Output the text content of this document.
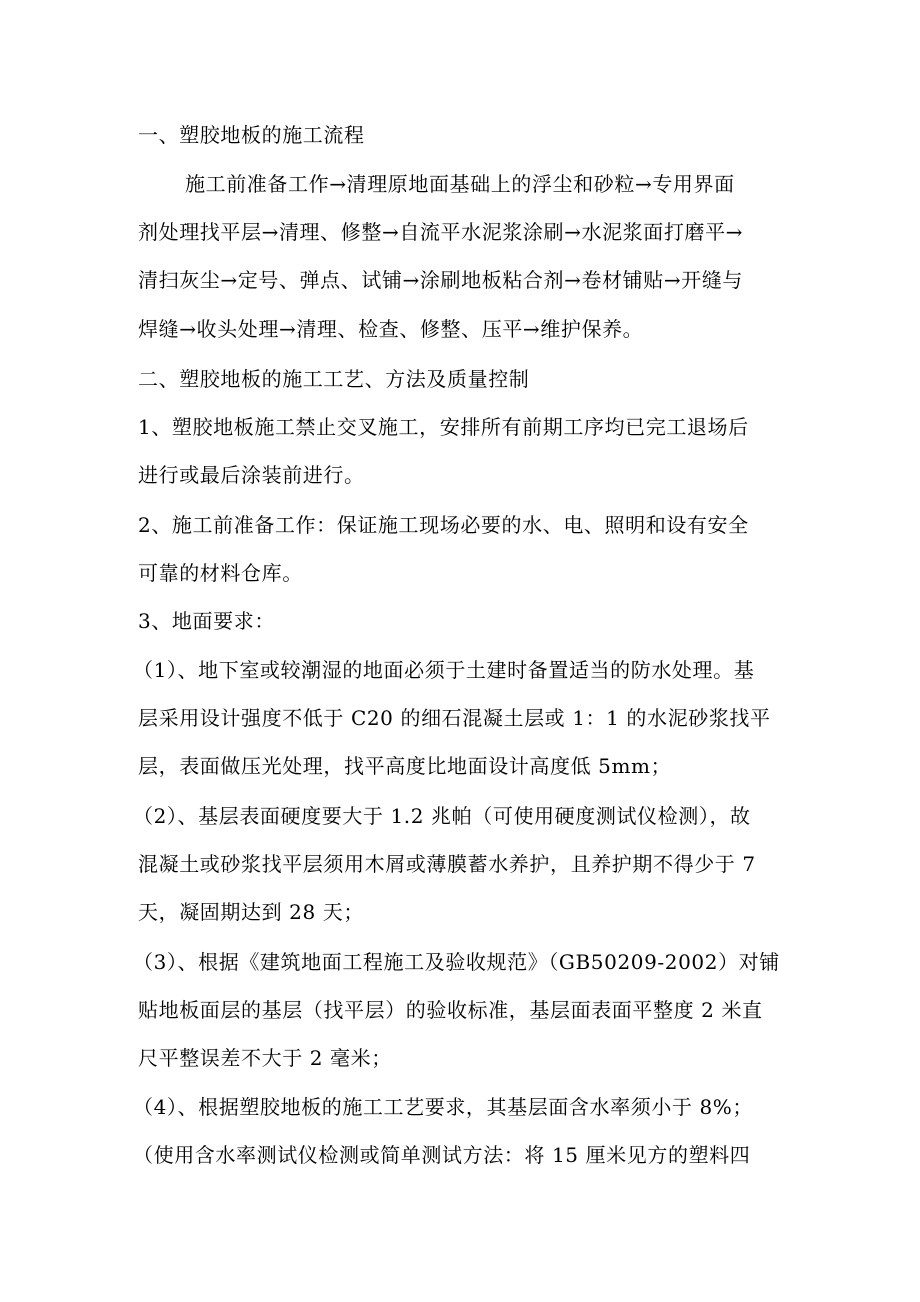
一、塑胶地板的施工流程
施工前准备工作→清理原地面基础上的浮尘和砂粒→专用界面
剂处理找平层→清理、修整→自流平水泥浆涂刷→水泥浆面打磨平→
清扫灰尘→定号、弹点、试铺→涂刷地板粘合剂→卷材铺贴→开缝与
焊缝→收头处理→清理、检查、修整、压平→维护保养。
二、塑胶地板的施工工艺、方法及质量控制
1、塑胶地板施工禁止交叉施工，安排所有前期工序均已完工退场后
进行或最后涂装前进行。
2、施工前准备工作：保证施工现场必要的水、电、照明和设有安全
可靠的材料仓库。
3、地面要求：
（1）、地下室或较潮湿的地面必须于土建时备置适当的防水处理。基
层采用设计强度不低于 C20 的细石混凝土层或 1：1 的水泥砂浆找平
层，表面做压光处理，找平高度比地面设计高度低 5mm；
（2）、基层表面硬度要大于 1.2 兆帕（可使用硬度测试仪检测），故
混凝土或砂浆找平层须用木屑或薄膜蓄水养护，且养护期不得少于 7
天，凝固期达到 28 天；
（3）、根据《建筑地面工程施工及验收规范》（GB50209-2002）对铺
贴地板面层的基层（找平层）的验收标准，基层面表面平整度 2 米直
尺平整误差不大于 2 毫米；
（4）、根据塑胶地板的施工工艺要求，其基层面含水率须小于 8%；
（使用含水率测试仪检测或简单测试方法：将 15 厘米见方的塑料四
